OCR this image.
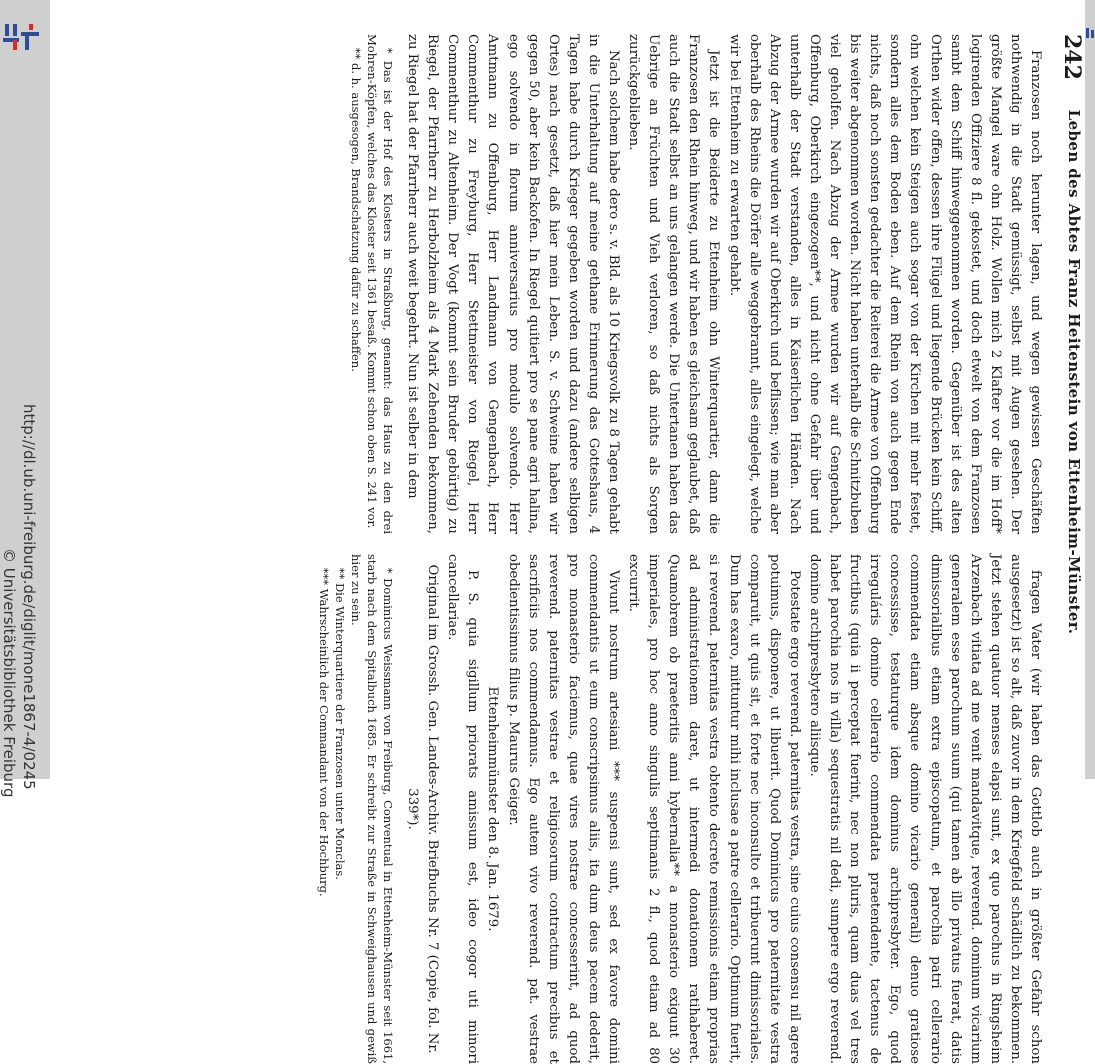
http://dl.ub.uni-freiburg.de/diglit/mone1867-4/0245
© Universitätsbibliothek Freiburg
242
Leben des Abtes Franz Heitenstein von Ettenheim-Münster.

Franzosen noch herunter lagen, und wegen gewissen Geschäften nothwendig in die Stadt gemüssigt, selbst mit Augen gesehen. Der größte Mangel ware ohn Holz. Wollen mich 2 Klafter vor die im Hoff* logirenden Offiziere 8 fl. gekostet, und doch etwelt von dem Franzosen sambt dem Schiff hinweggenommen worden. Gegenüber ist des alten Orthen wider offen, dessen ihre Flügel und liegende Brücken kein Schiff, ohn welchen kein Steigen auch sogar von der Kirchen mit mehr festet, sondern alles dem Boden eben. Auf dem Rhein von auch gegen Ende nichts, daß noch sonsten gedachter die Reiterei die Armee von Offenburg bis weiter abgenommen worden. Nicht haben unterhalb die Schnitzbuben viel geholfen. Nach Abzug der Armee wurden wir auf Gengenbach, Offenburg, Oberkirch eingezogen**, und nicht ohne Gefahr über und unterhalb der Stadt verstanden, alles in Kaiserlichen Händen. Nach Abzug der Armee wurden wir auf Oberkirch und beflissen; wie man aber oberhalb des Rheins die Dörfer alle weggebrannt, alles eingelegt, welche wir bei Ettenheim zu erwarten gehabt.

Jetzt ist die Beiderte zu Ettenheim ohn Winterquartier, dann die Franzosen den Rhein hinweg, und wir haben es gleichsam geglaubet, daß auch die Stadt selbst an uns gelangen werde. Die Untertanen haben das Uebrige an Früchten und Vieh verloren, so daß nichts als Sorgen zurückgeblieben.

Nach solchem habe dero s. v. Bld. als 10 Kriegsvolk zu 8 Tagen gehabt in die Unterhaltung auf meine gethane Erinnerung das Gotteshaus, 4 Tagen habe durch Krieger gegeben worden und dazu (andere selbigen Ortes) nach gesetzt, daß hier mein Leben. S. v. Schweine haben wir gegen 50, aber kein Backofen. In Riegel quitiert pro se pane agri halina, ego solvendo in florum anniversarius pro modulo solvendo. Herr Amtmann zu Offenburg, Herr Landmann von Gengenbach, Herr Commenthur zu Freyburg, Herr Stettmeister von Riegel, Herr Commenthur zu Altenheim. Der Vogt (kommt sein Bruder gebürtig) zu Riegel, der Pfarrherr zu Herbolzheim als 4 Mark Zehenden bekommen, zu Riegel hat der Pfarrherr auch weit begehrt. Nun ist selber in dem

* Das ist der Hof des Klosters in Straßburg, genannt: das Haus zu den drei Mohren-Köpfen, welches das Kloster seit 1361 besaß. Kommt schon oben S. 241 vor.

** d. h. ausgesogen, Brandschatzung dafür zu schaffen.

fragen Vater (wir haben das Gottlob auch in größter Gefahr schon ausgesetzt) ist so alt, daß zuvor in dem Kriegfeld schädlich zu bekommen. Jetzt stehen quatuor menses elapsi sunt, ex quo parochus in Ringsheim Arzenbach vitiata ad me venit mandavitque, reverend. dominum vicarium generalem esse parochum suum (qui tamen ab illo privatus fuerat, datis dimissorialibus etiam extra episcopatum, et parochia patri cellerario commendata etiam absque domino vicario generali) denuo gratiose concessisse, testaturque idem dominus archipresbyter. Ego, quod irreguláris domino cellerario commendata praetendente, tactenus de fructibus (quia ii perceptat fuerint, nec non pluris, quam duas vel tres habet parochia nos in villa) sequestratis nil dedi, sumpere ergo reverend. domino archipresbytero aliisque.

Potestate ergo reverend. paternitas vestra, sine cuius consensu nil agere potuimus, disponere, ut libuerit. Quod Dominicus pro paternitate vestra comparuit, ut quis sit, et forte nec inconsulto et tribuerunt dimissoriales. Dum has exaro, mittuntur mihi inclusae a patre cellerario. Optimum fuerit, si reverend. paternitas vestra obtento decreto remissionis etiam proprias ad administrationem daret, ut intermedi donationem ratihaberet. Quamobrem ob praeteritis anni hybernalia** a monasterio exigunt 30 imperiales, pro hoc anno singulis septimanis 2 fl., quod etiam ad 80 excurrit.

Vivunt nostrum artesiani *** suspensi sunt, sed ex favore domini commendantis ut eum conscripsimus aliis, ita dum deus pacem dederit, pro monasterio faciemus, quae vires nostrae concesserint, ad quod reverend. paternitas vestrae et religiosorum contractum precibus et sacrificiis nos commendamus. Ego autem vivo reverend. pat. vestrae obedientissimus filius p. Maurus Geiger.

Ettenheimmünster den 8. Jan. 1679.

P. S. quia sigillum priorats amissum est, ideo cogor uti minori cancellariae.

Original im Grossh. Gen. Landes-Archiv. Briefbuchs Nr. 7 (Copie, fol. Nr. 339*).

* Dominicus Weissmann von Freiburg, Conventual in Ettenheim-Münster seit 1661, starb nach dem Spitalbuch 1685. Er schreibt zur Straße in Schweighausen und gewiß hier zu sein.

** Die Winterquartiere der Franzosen unter Monclas.

*** Wahrscheinlich der Commandant von der Hochburg.
